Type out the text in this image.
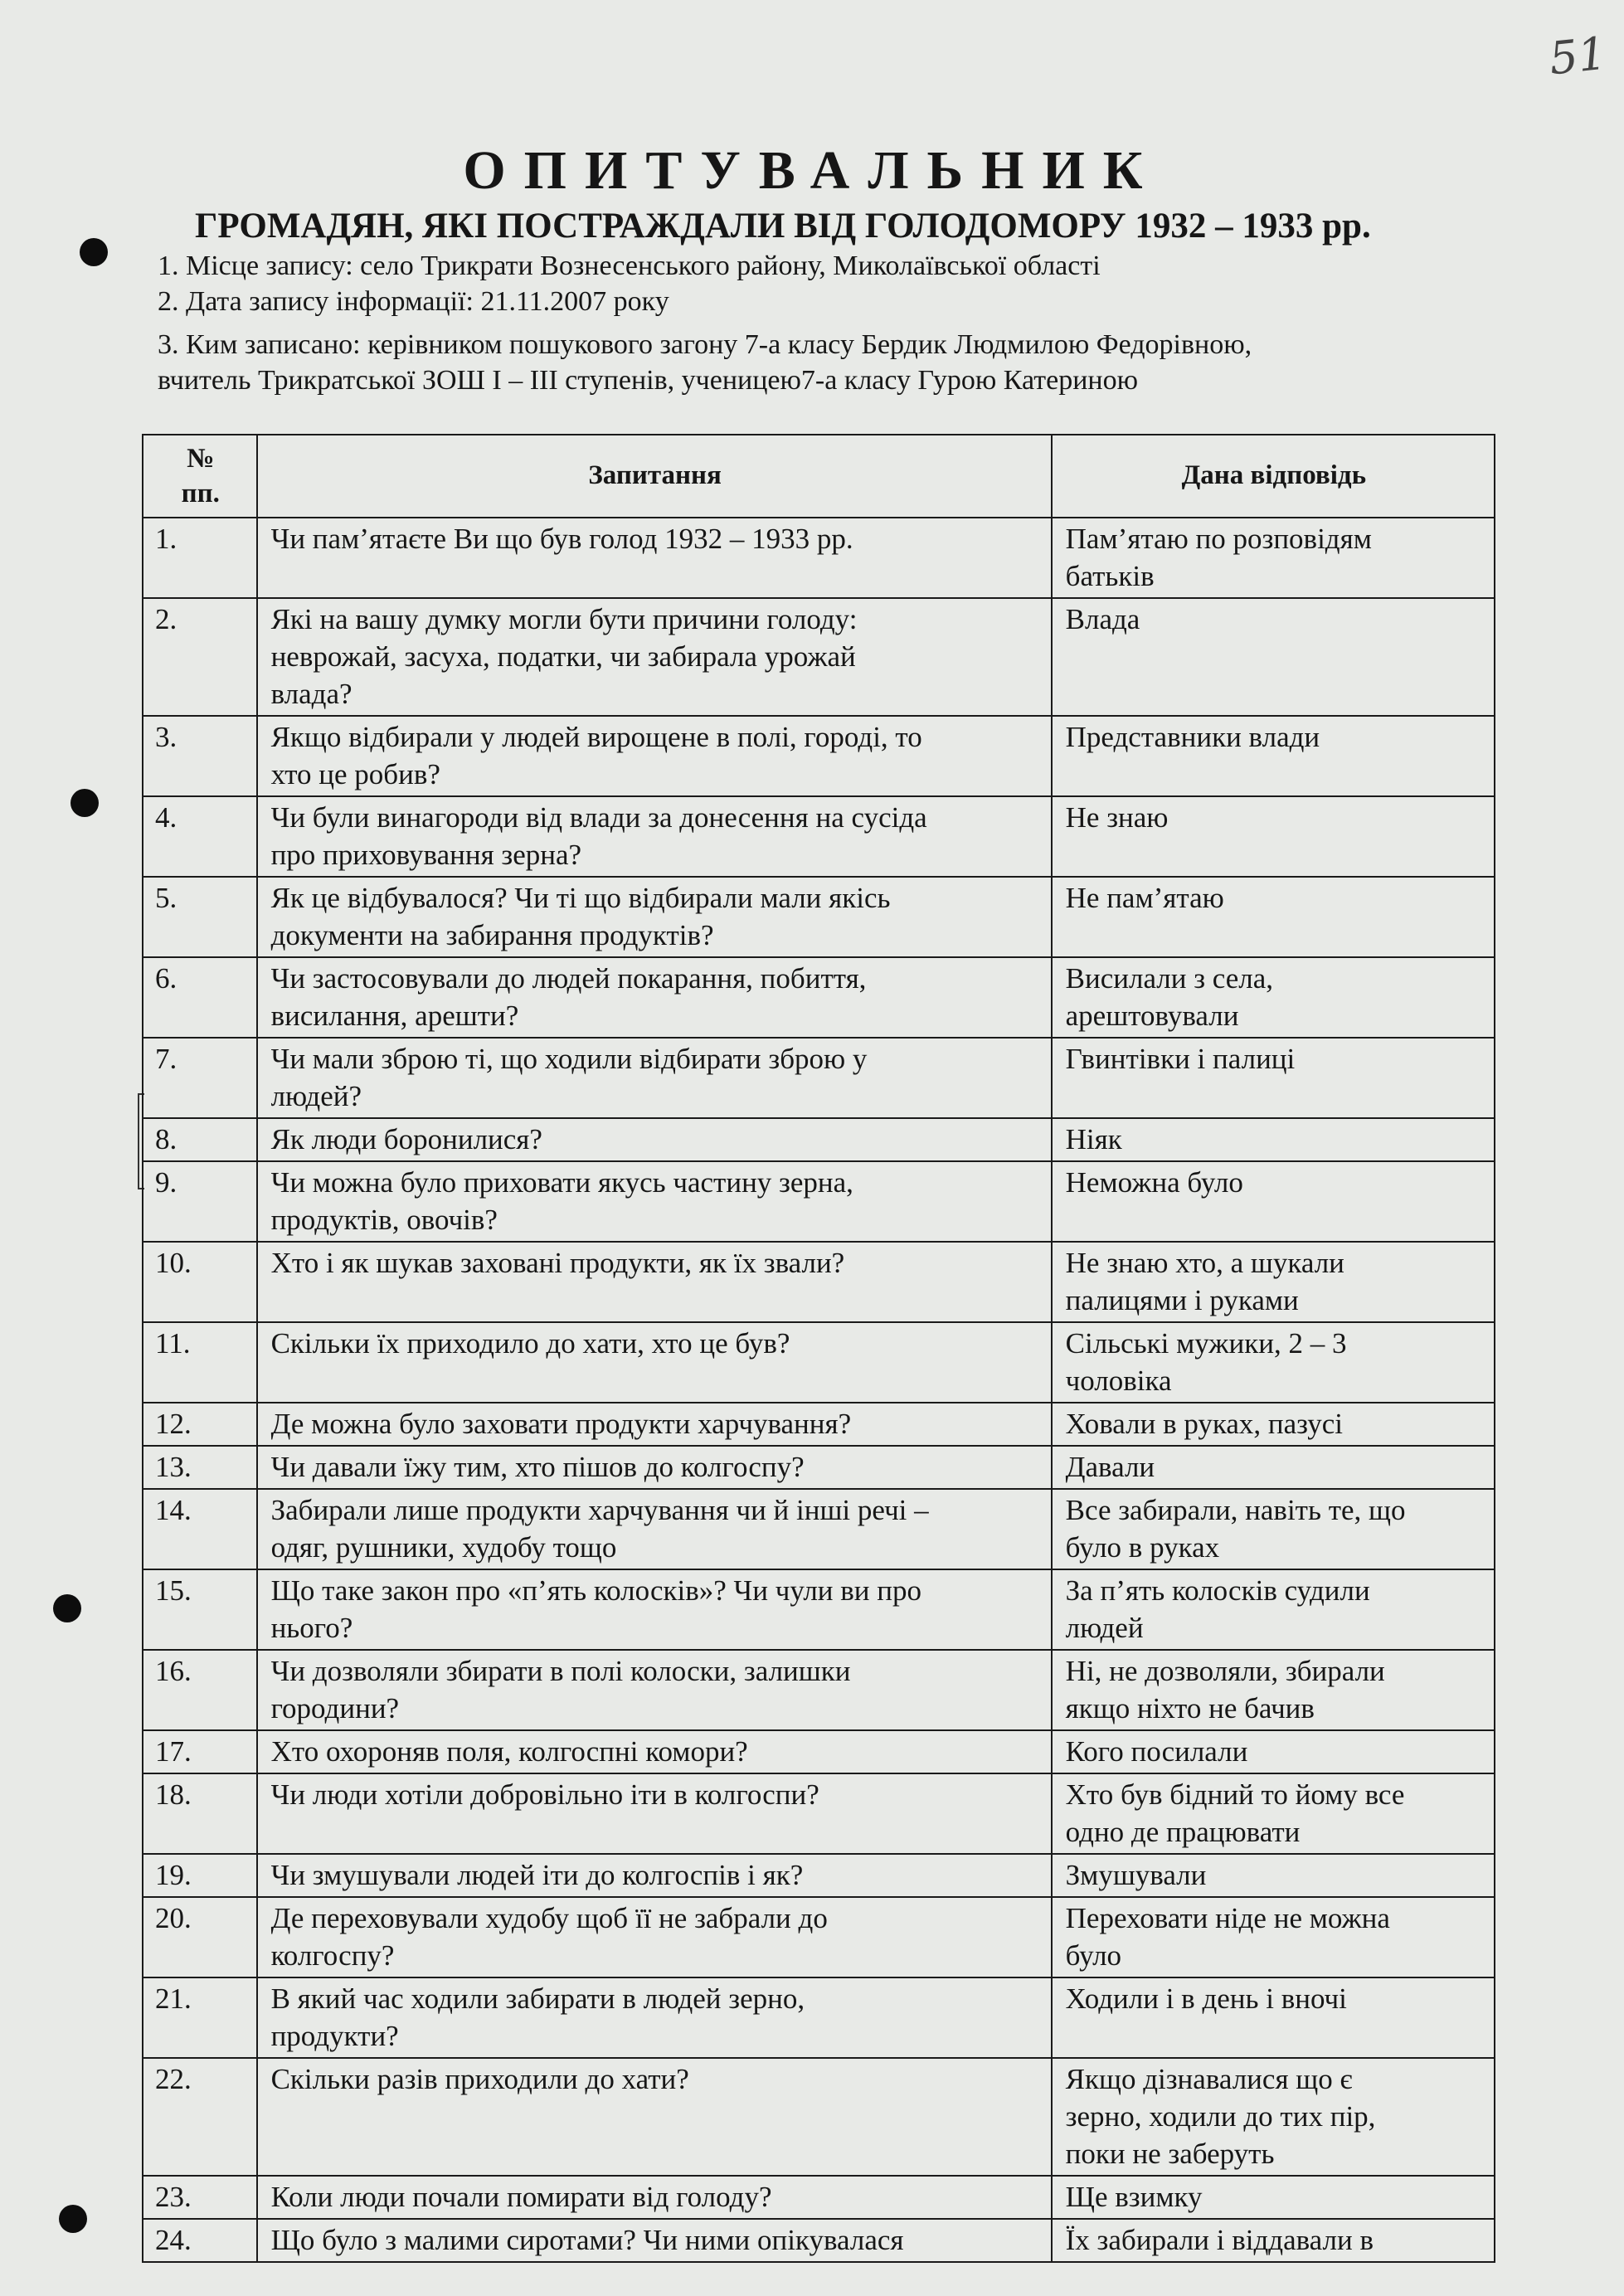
51
ОПИТУВАЛЬНИК
ГРОМАДЯН, ЯКІ ПОСТРАЖДАЛИ ВІД ГОЛОДОМОРУ 1932 – 1933 рр.
1. Місце запису: село Трикрати Вознесенського району, Миколаївської області
2. Дата запису інформації: 21.11.2007 року
3. Ким записано: керівником пошукового загону 7-а класу Бердик Людмилою Федорівною,
вчитель Трикратської ЗОШ І – ІІІ ступенів, ученицею7-а класу Гурою Катериною
№
пп.	Запитання	Дана відповідь
1.	Чи пам’ятаєте Ви що був голод 1932 – 1933 рр.	Пам’ятаю по розповідям
батьків

2.	Які на вашу думку могли бути причини голоду:
неврожай, засуха, податки, чи забирала урожай
влада?	Влада

3.	Якщо відбирали у людей вирощене в полі, городі, то
хто це робив?	Представники влади

4.	Чи були винагороди від влади за донесення на сусіда
про приховування зерна?	Не знаю

5.	Як це відбувалося? Чи ті що відбирали мали якісь
документи на забирання продуктів?	Не пам’ятаю

6.	Чи застосовували до людей покарання, побиття,
висилання, арешти?	Висилали з села,
арештовували

7.	Чи мали зброю ті, що ходили відбирати зброю у
людей?	Гвинтівки і палиці

8.	Як люди боронилися?	Ніяк

9.	Чи можна було приховати якусь частину зерна,
продуктів, овочів?	Неможна було

10.	Хто і як шукав заховані продукти, як їх звали?	Не знаю хто, а шукали
палицями і руками

11.	Скільки їх приходило до хати, хто це був?	Сільські мужики, 2 – 3
чоловіка

12.	Де можна було заховати продукти харчування?	Ховали в руках, пазусі

13.	Чи давали їжу тим, хто пішов до колгоспу?	Давали

14.	Забирали лише продукти харчування чи й інші речі –
одяг, рушники, худобу тощо	Все забирали, навіть те, що
було в руках

15.	Що таке закон про «п’ять колосків»? Чи чули ви про
нього?	За п’ять колосків судили
людей

16.	Чи дозволяли збирати в полі колоски, залишки
городини?	Ні, не дозволяли, збирали
якщо ніхто не бачив

17.	Хто охороняв поля, колгоспні комори?	Кого посилали

18.	Чи люди хотіли добровільно іти в колгоспи?	Хто був бідний то йому все
одно де працювати

19.	Чи змушували людей іти до колгоспів і як?	Змушували

20.	Де переховували худобу щоб її не забрали до
колгоспу?	Переховати ніде не можна
було

21.	В який час ходили забирати в людей зерно,
продукти?	Ходили і в день і вночі

22.	Скільки разів приходили до хати?	Якщо дізнавалися що є
зерно, ходили до тих пір,
поки не заберуть

23.	Коли люди почали помирати від голоду?	Ще взимку

24.	Що було з малими сиротами? Чи ними опікувалася	Їх забирали і віддавали в
